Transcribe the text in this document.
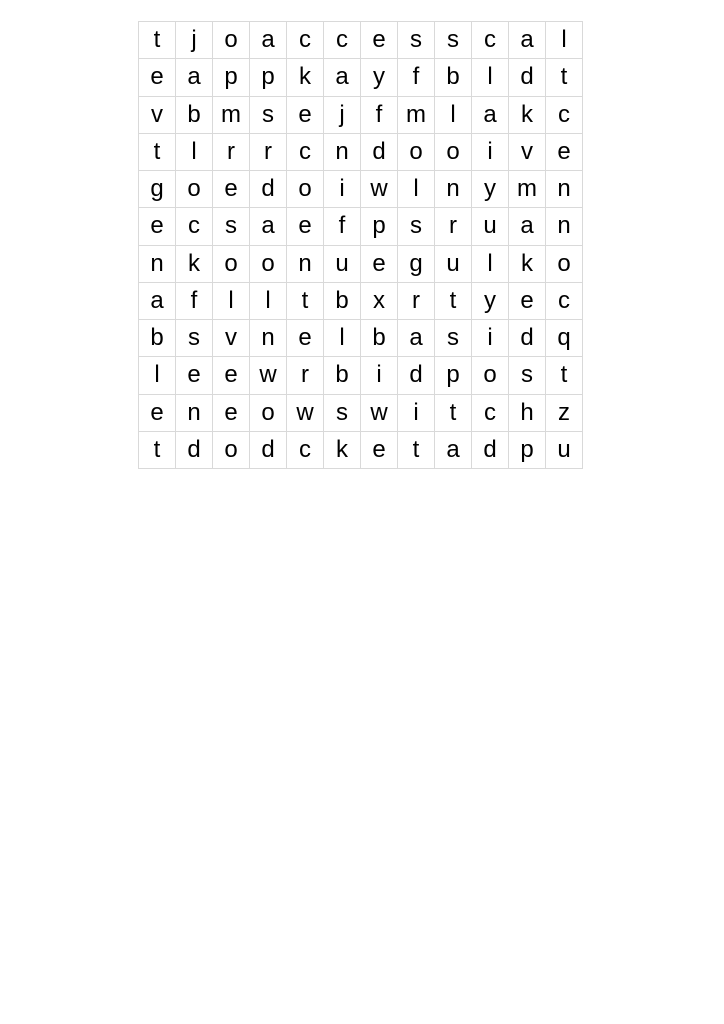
t	j	o	a	c	c	e	s	s	c	a	l
e	a	p	p	k	a	y	f	b	l	d	t
v	b	m	s	e	j	f	m	l	a	k	c
t	l	r	r	c	n	d	o	o	i	v	e
g	o	e	d	o	i	w	l	n	y	m	n
e	c	s	a	e	f	p	s	r	u	a	n
n	k	o	o	n	u	e	g	u	l	k	o
a	f	l	l	t	b	x	r	t	y	e	c
b	s	v	n	e	l	b	a	s	i	d	q
l	e	e	w	r	b	i	d	p	o	s	t
e	n	e	o	w	s	w	i	t	c	h	z
t	d	o	d	c	k	e	t	a	d	p	u
